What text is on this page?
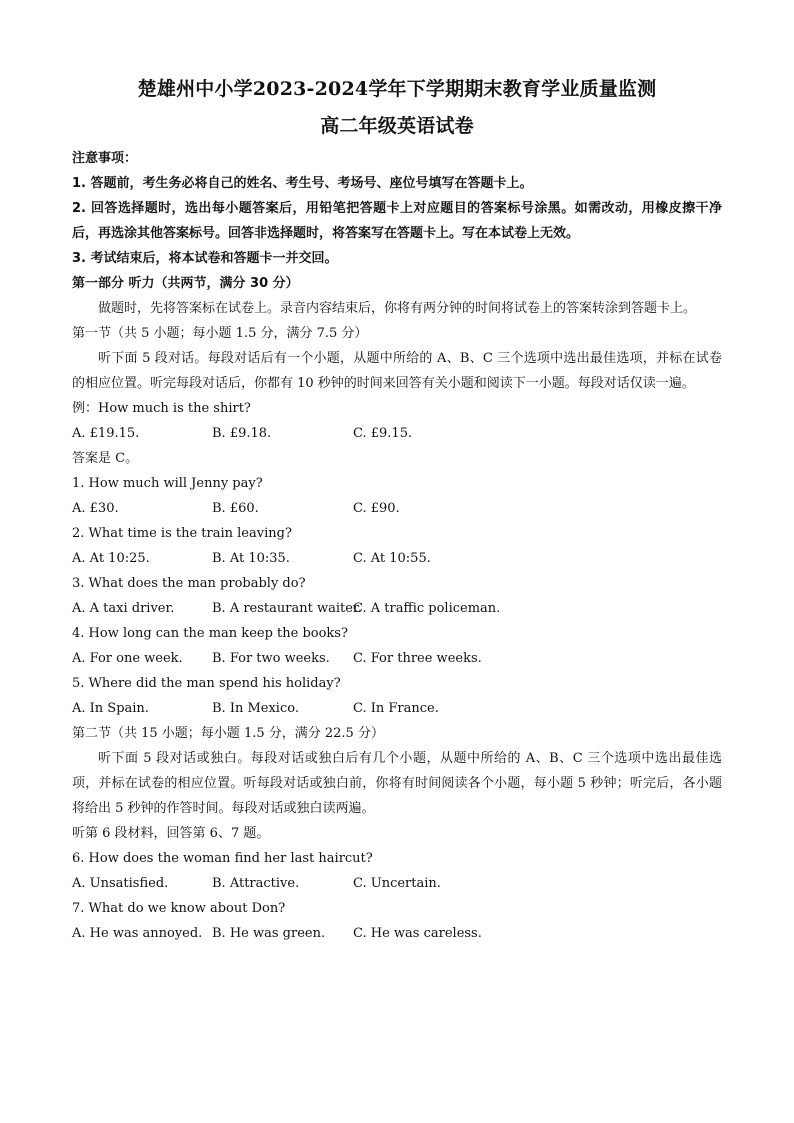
楚雄州中小学2023-2024学年下学期期末教育学业质量监测
高二年级英语试卷

注意事项：

1. 答题前，考生务必将自己的姓名、考生号、考场号、座位号填写在答题卡上。

2. 回答选择题时，选出每小题答案后，用铅笔把答题卡上对应题目的答案标号涂黑。如需改动，用橡皮擦干净后，再选涂其他答案标号。回答非选择题时，将答案写在答题卡上。写在本试卷上无效。

3. 考试结束后，将本试卷和答题卡一并交回。

第一部分 听力（共两节，满分 30 分）

做题时，先将答案标在试卷上。录音内容结束后，你将有两分钟的时间将试卷上的答案转涂到答题卡上。

第一节（共 5 小题；每小题 1.5 分，满分 7.5 分）

听下面 5 段对话。每段对话后有一个小题，从题中所给的 A、B、C 三个选项中选出最佳选项，并标在试卷的相应位置。听完每段对话后，你都有 10 秒钟的时间来回答有关小题和阅读下一小题。每段对话仅读一遍。

例：How much is the shirt?

A. £19.15.	B. £9.18.	C. £9.15.

答案是 C。

1. How much will Jenny pay?

A. £30.	B. £60.	C. £90.

2. What time is the train leaving?

A. At 10:25.	B. At 10:35.	C. At 10:55.

3. What does the man probably do?

A. A taxi driver.	B. A restaurant waiter.
C. A traffic policeman.

4. How long can the man keep the books?

A. For one week.	B. For two weeks.	C. For three weeks.

5. Where did the man spend his holiday?

A. In Spain.	B. In Mexico.	C. In France.

第二节（共 15 小题；每小题 1.5 分，满分 22.5 分）

听下面 5 段对话或独白。每段对话或独白后有几个小题，从题中所给的 A、B、C 三个选项中选出最佳选项，并标在试卷的相应位置。听每段对话或独白前，你将有时间阅读各个小题，每小题 5 秒钟；听完后，各小题将给出 5 秒钟的作答时间。每段对话或独白读两遍。

听第 6 段材料，回答第 6、7 题。

6. How does the woman find her last haircut?

A. Unsatisfied.	B. Attractive.	C. Uncertain.

7. What do we know about Don?

A. He was annoyed. B. He was green.	C. He was careless.
